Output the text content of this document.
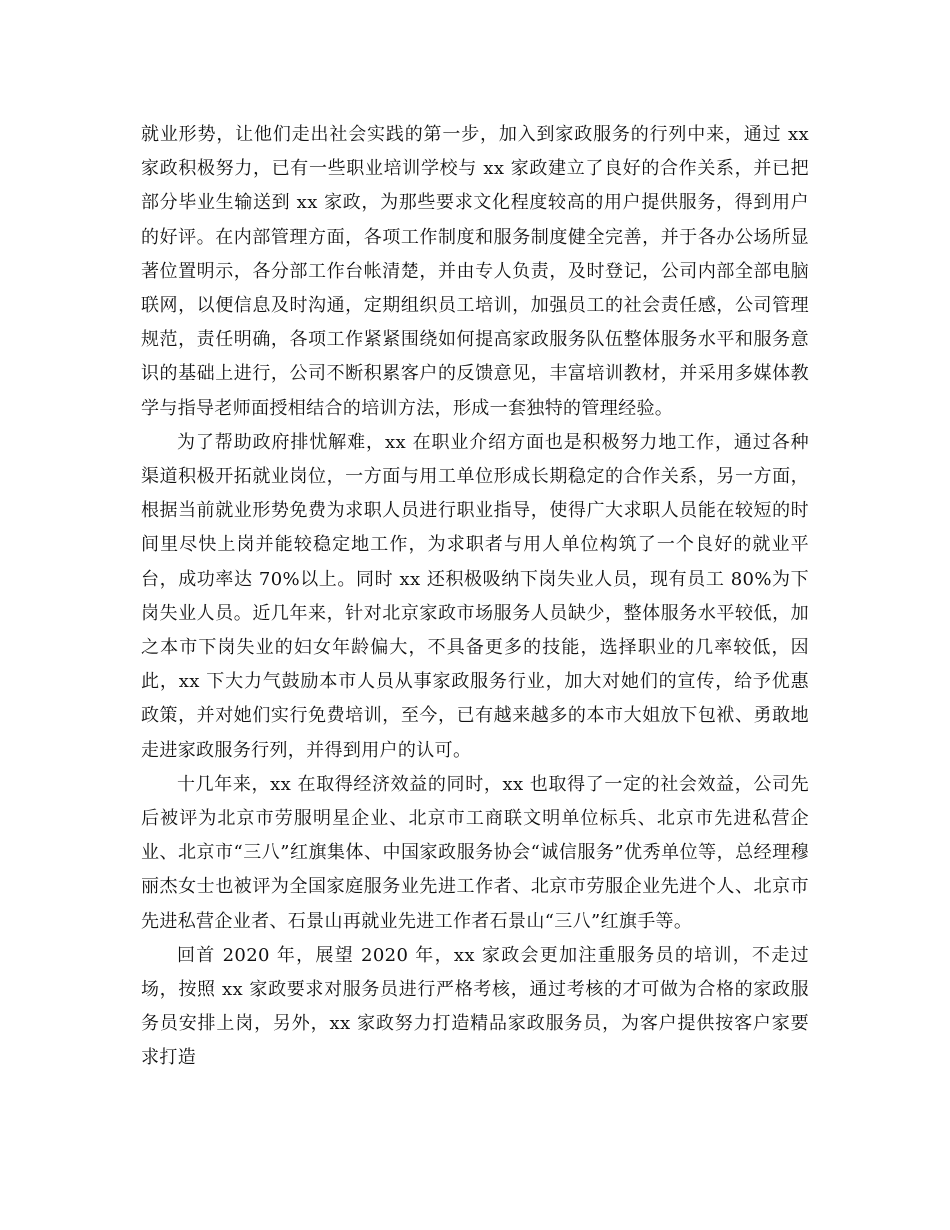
就业形势，让他们走出社会实践的第一步，加入到家政服务的行列中来，通过 xx 家政积极努力，已有一些职业培训学校与 xx 家政建立了良好的合作关系，并已把部分毕业生输送到 xx 家政，为那些要求文化程度较高的用户提供服务，得到用户的好评。在内部管理方面，各项工作制度和服务制度健全完善，并于各办公场所显著位置明示，各分部工作台帐清楚，并由专人负责，及时登记，公司内部全部电脑联网，以便信息及时沟通，定期组织员工培训，加强员工的社会责任感，公司管理规范，责任明确，各项工作紧紧围绕如何提高家政服务队伍整体服务水平和服务意识的基础上进行，公司不断积累客户的反馈意见，丰富培训教材，并采用多媒体教学与指导老师面授相结合的培训方法，形成一套独特的管理经验。

为了帮助政府排忧解难，xx 在职业介绍方面也是积极努力地工作，通过各种渠道积极开拓就业岗位，一方面与用工单位形成长期稳定的合作关系，另一方面，根据当前就业形势免费为求职人员进行职业指导，使得广大求职人员能在较短的时间里尽快上岗并能较稳定地工作，为求职者与用人单位构筑了一个良好的就业平台，成功率达 70%以上。同时 xx 还积极吸纳下岗失业人员，现有员工 80%为下岗失业人员。近几年来，针对北京家政市场服务人员缺少，整体服务水平较低，加之本市下岗失业的妇女年龄偏大，不具备更多的技能，选择职业的几率较低，因此，xx 下大力气鼓励本市人员从事家政服务行业，加大对她们的宣传，给予优惠政策，并对她们实行免费培训，至今，已有越来越多的本市大姐放下包袱、勇敢地走进家政服务行列，并得到用户的认可。

十几年来，xx 在取得经济效益的同时，xx 也取得了一定的社会效益，公司先后被评为北京市劳服明星企业、北京市工商联文明单位标兵、北京市先进私营企业、北京市“三八”红旗集体、中国家政服务协会“诚信服务”优秀单位等，总经理穆丽杰女士也被评为全国家庭服务业先进工作者、北京市劳服企业先进个人、北京市先进私营企业者、石景山再就业先进工作者石景山“三八”红旗手等。

回首 2020 年，展望 2020 年，xx 家政会更加注重服务员的培训，不走过场，按照 xx 家政要求对服务员进行严格考核，通过考核的才可做为合格的家政服务员安排上岗，另外，xx 家政努力打造精品家政服务员，为客户提供按客户家要求打造
